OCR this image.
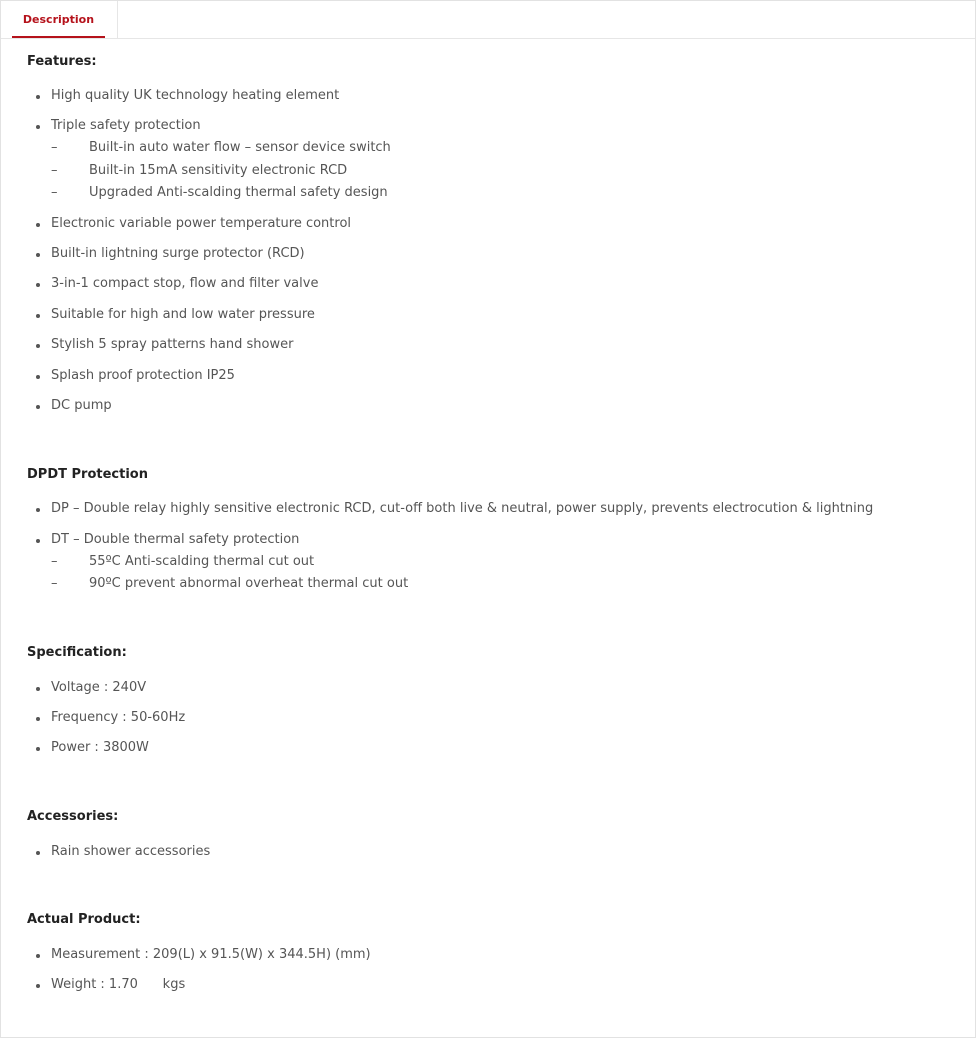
Description
Features:
High quality UK technology heating element
Triple safety protection
– Built-in auto water flow – sensor device switch
– Built-in 15mA sensitivity electronic RCD
– Upgraded Anti-scalding thermal safety design
Electronic variable power temperature control
Built-in lightning surge protector (RCD)
3-in-1 compact stop, flow and filter valve
Suitable for high and low water pressure
Stylish 5 spray patterns hand shower
Splash proof protection IP25
DC pump
DPDT Protection
DP – Double relay highly sensitive electronic RCD, cut-off both live & neutral, power supply, prevents electrocution & lightning
DT – Double thermal safety protection
– 55ºC Anti-scalding thermal cut out
– 90ºC prevent abnormal overheat thermal cut out
Specification:
Voltage : 240V
Frequency : 50-60Hz
Power : 3800W
Accessories:
Rain shower accessories
Actual Product:
Measurement : 209(L) x 91.5(W) x 344.5H) (mm)
Weight : 1.70      kgs
